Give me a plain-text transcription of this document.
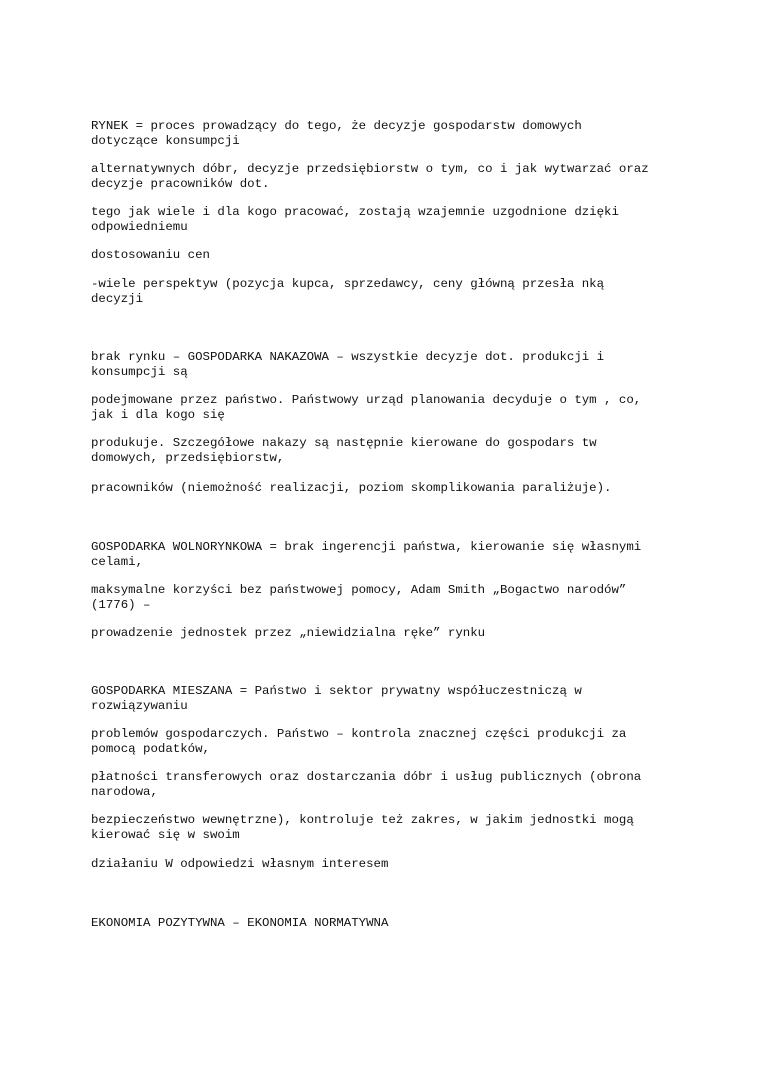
RYNEK = proces prowadzący do tego, że decyzje gospodarstw domowych
dotyczące konsumpcji

alternatywnych dóbr, decyzje przedsiębiorstw o tym, co i jak wytwarzać oraz
decyzje pracowników dot.

tego jak wiele i dla kogo pracować, zostają wzajemnie uzgodnione dzięki
odpowiedniemu

dostosowaniu cen

-wiele perspektyw (pozycja kupca, sprzedawcy, ceny główną przesła nką
decyzji

brak rynku – GOSPODARKA NAKAZOWA – wszystkie decyzje dot. produkcji i
konsumpcji są

podejmowane przez państwo. Państwowy urząd planowania decyduje o tym , co,
jak i dla kogo się

produkuje. Szczegółowe nakazy są następnie kierowane do gospodars tw
domowych, przedsiębiorstw,

pracowników (niemożność realizacji, poziom skomplikowania paraliżuje).

GOSPODARKA WOLNORYNKOWA = brak ingerencji państwa, kierowanie się własnymi
celami,

maksymalne korzyści bez państwowej pomocy, Adam Smith „Bogactwo narodów”
(1776) –

prowadzenie jednostek przez „niewidzialna ręke” rynku

GOSPODARKA MIESZANA = Państwo i sektor prywatny współuczestniczą w
rozwiązywaniu

problemów gospodarczych. Państwo – kontrola znacznej części produkcji za
pomocą podatków,

płatności transferowych oraz dostarczania dóbr i usług publicznych (obrona
narodowa,

bezpieczeństwo wewnętrzne), kontroluje też zakres, w jakim jednostki mogą
kierować się w swoim

działaniu W odpowiedzi własnym interesem

EKONOMIA POZYTYWNA – EKONOMIA NORMATYWNA
